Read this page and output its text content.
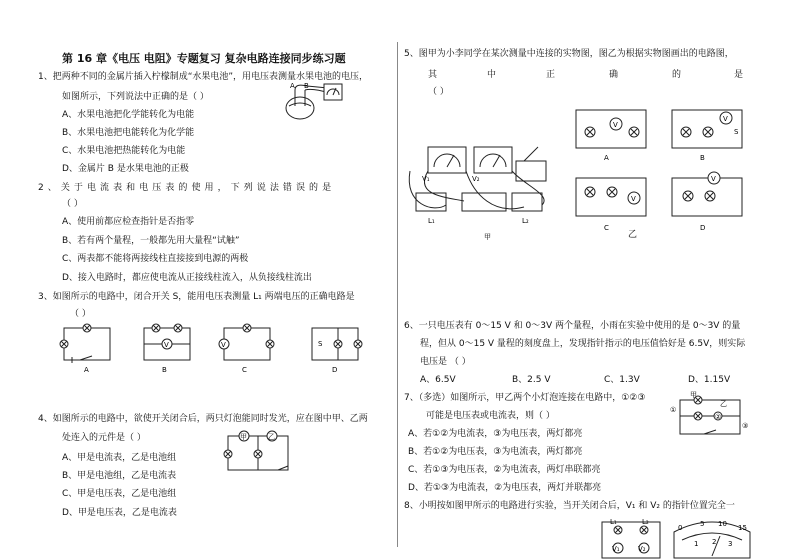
第 16 章《电压 电阻》专题复习 复杂电路连接同步练习题
1、把两种不同的金属片插入柠檬制成“水果电池”，用电压表测量水果电池的电压，
如图所示，下列说法中正确的是（ ）
A、水果电池把化学能转化为电能
B、水果电池把电能转化为化学能
C、水果电池把热能转化为电能
D、金属片 B 是水果电池的正极
A B
2 、 关 于 电 流 表 和 电 压 表 的 使 用 ， 下 列 说 法 错 误 的 是
（ ）
A、使用前都应检查指针是否指零
B、若有两个量程，一般都先用大量程“试触”
C、两表都不能将两接线柱直接接到电源的两极
D、接入电路时，都应使电流从正接线柱流入，从负接线柱流出
3、如图所示的电路中，闭合开关 S，能用电压表测量 L₁ 两端电压的正确电路是
（ ）
A
V
B
V
C
S
D
4、如图所示的电路中，欲使开关闭合后，两只灯泡能同时发光，应在图中甲、乙两
处连入的元件是（ ）
A、甲是电流表，乙是电池组
B、甲是电池组，乙是电流表
C、甲是电压表，乙是电池组
D、甲是电压表，乙是电流表
甲	乙
5、图甲为小李同学在某次测量中连接的实物图，图乙为根据实物图画出的电路图，
其	中	正	确	的	是
（ ）
V₁	V₂
L₁	L₂
甲
V
A
V
S
B
V
C
V
D
乙
6、一只电压表有 0～15 V 和 0～3V 两个量程，小雨在实验中使用的是 0～3V 的量
程，但从 0～15 V 量程的刻度盘上，发现指针指示的电压值恰好是 6.5V，则实际
电压是 （ ）
A、6.5V	B、2.5 V	C、1.3V	D、1.15V
7、（多选）如图所示，甲乙两个小灯泡连接在电路中，①②③
可能是电压表或电流表，则（ ）
A、若①②为电流表，③为电压表，两灯都亮
B、若①②为电压表，③为电流表，两灯都亮
C、若①③为电压表，②为电流表，两灯串联都亮
D、若①③为电流表，②为电压表，两灯并联都亮
②
甲
乙
①
③
8、小明按如图甲所示的电路进行实验，当开关闭合后，V₁ 和 V₂ 的指针位置完全一
L₁	L₂
V₁	V₂
0	5 10 15
1 2 3
